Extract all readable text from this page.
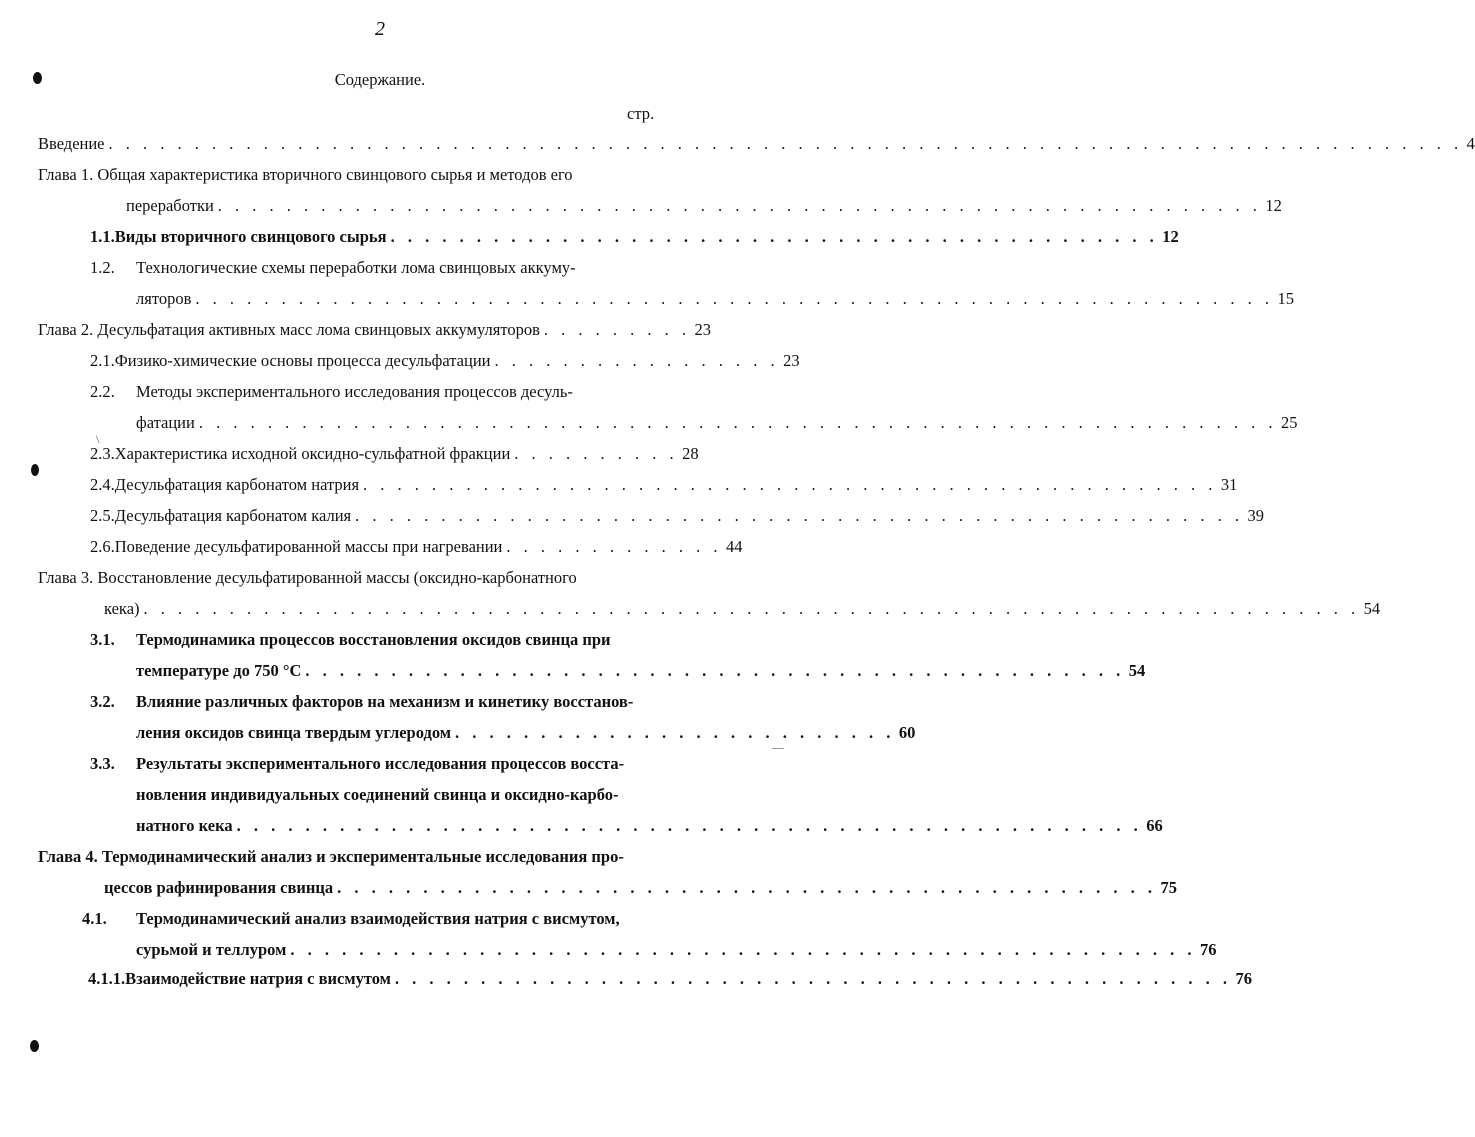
2
Содержание.
стр.
\
—
Введение . . . . . . . . . . . . . . . . . . . . . . . . . . . . . . . . . . . . . . . . . . . . . . . . . . . . . . . . . . . . . . . . . . . . . . . . . . . . . . . 4
Глава 1. Общая характеристика вторичного свинцового сырья и методов его
переработки . . . . . . . . . . . . . . . . . . . . . . . . . . . . . . . . . . . . . . . . . . . . . . . . . . . . . . . . . . . . . 12
1.1. Виды вторичного свинцового сырья . . . . . . . . . . . . . . . . . . . . . . . . . . . . . . . . . . . . . . . . . . . . . 12
1.2.	Технологические схемы переработки лома свинцовых аккуму-
ляторов . . . . . . . . . . . . . . . . . . . . . . . . . . . . . . . . . . . . . . . . . . . . . . . . . . . . . . . . . . . . . . . 15
Глава 2. Десульфатация активных масс лома свинцовых аккумуляторов . . . . . . . . . 23
2.1. Физико-химические основы процесса десульфатации . . . . . . . . . . . . . . . . . 23
2.2.	Методы экспериментального исследования процессов десуль-
фатации . . . . . . . . . . . . . . . . . . . . . . . . . . . . . . . . . . . . . . . . . . . . . . . . . . . . . . . . . . . . . . . 25
2.3. Характеристика исходной оксидно-сульфатной фракции . . . . . . . . . . 28
2.4. Десульфатация карбонатом натрия . . . . . . . . . . . . . . . . . . . . . . . . . . . . . . . . . . . . . . . . . . . . . . . . . . 31
2.5. Десульфатация карбонатом калия . . . . . . . . . . . . . . . . . . . . . . . . . . . . . . . . . . . . . . . . . . . . . . . . . . . . 39
2.6. Поведение десульфатированной массы при нагревании . . . . . . . . . . . . . 44
Глава 3. Восстановление десульфатированной массы (оксидно-карбонатного
кека) . . . . . . . . . . . . . . . . . . . . . . . . . . . . . . . . . . . . . . . . . . . . . . . . . . . . . . . . . . . . . . . . . . . . . . . 54
3.1.	Термодинамика процессов восстановления оксидов свинца при
температуре до 750 °С . . . . . . . . . . . . . . . . . . . . . . . . . . . . . . . . . . . . . . . . . . . . . . . . 54
3.2.	Влияние различных факторов на механизм и кинетику восстанов-
ления оксидов свинца твердым углеродом . . . . . . . . . . . . . . . . . . . . . . . . . . 60
3.3.	Результаты экспериментального исследования процессов восста-
новления индивидуальных соединений свинца и оксидно-карбо-
натного кека . . . . . . . . . . . . . . . . . . . . . . . . . . . . . . . . . . . . . . . . . . . . . . . . . . . . . 66
Глава 4. Термодинамический анализ и экспериментальные исследования про-
цессов рафинирования свинца . . . . . . . . . . . . . . . . . . . . . . . . . . . . . . . . . . . . . . . . . . . . . . . . 75
4.1.	Термодинамический анализ взаимодействия натрия с висмутом,
сурьмой и теллуром . . . . . . . . . . . . . . . . . . . . . . . . . . . . . . . . . . . . . . . . . . . . . . . . . . . . . 76
4.1.1. Взаимодействие натрия с висмутом . . . . . . . . . . . . . . . . . . . . . . . . . . . . . . . . . . . . . . . . . . . . . . . . . 76
